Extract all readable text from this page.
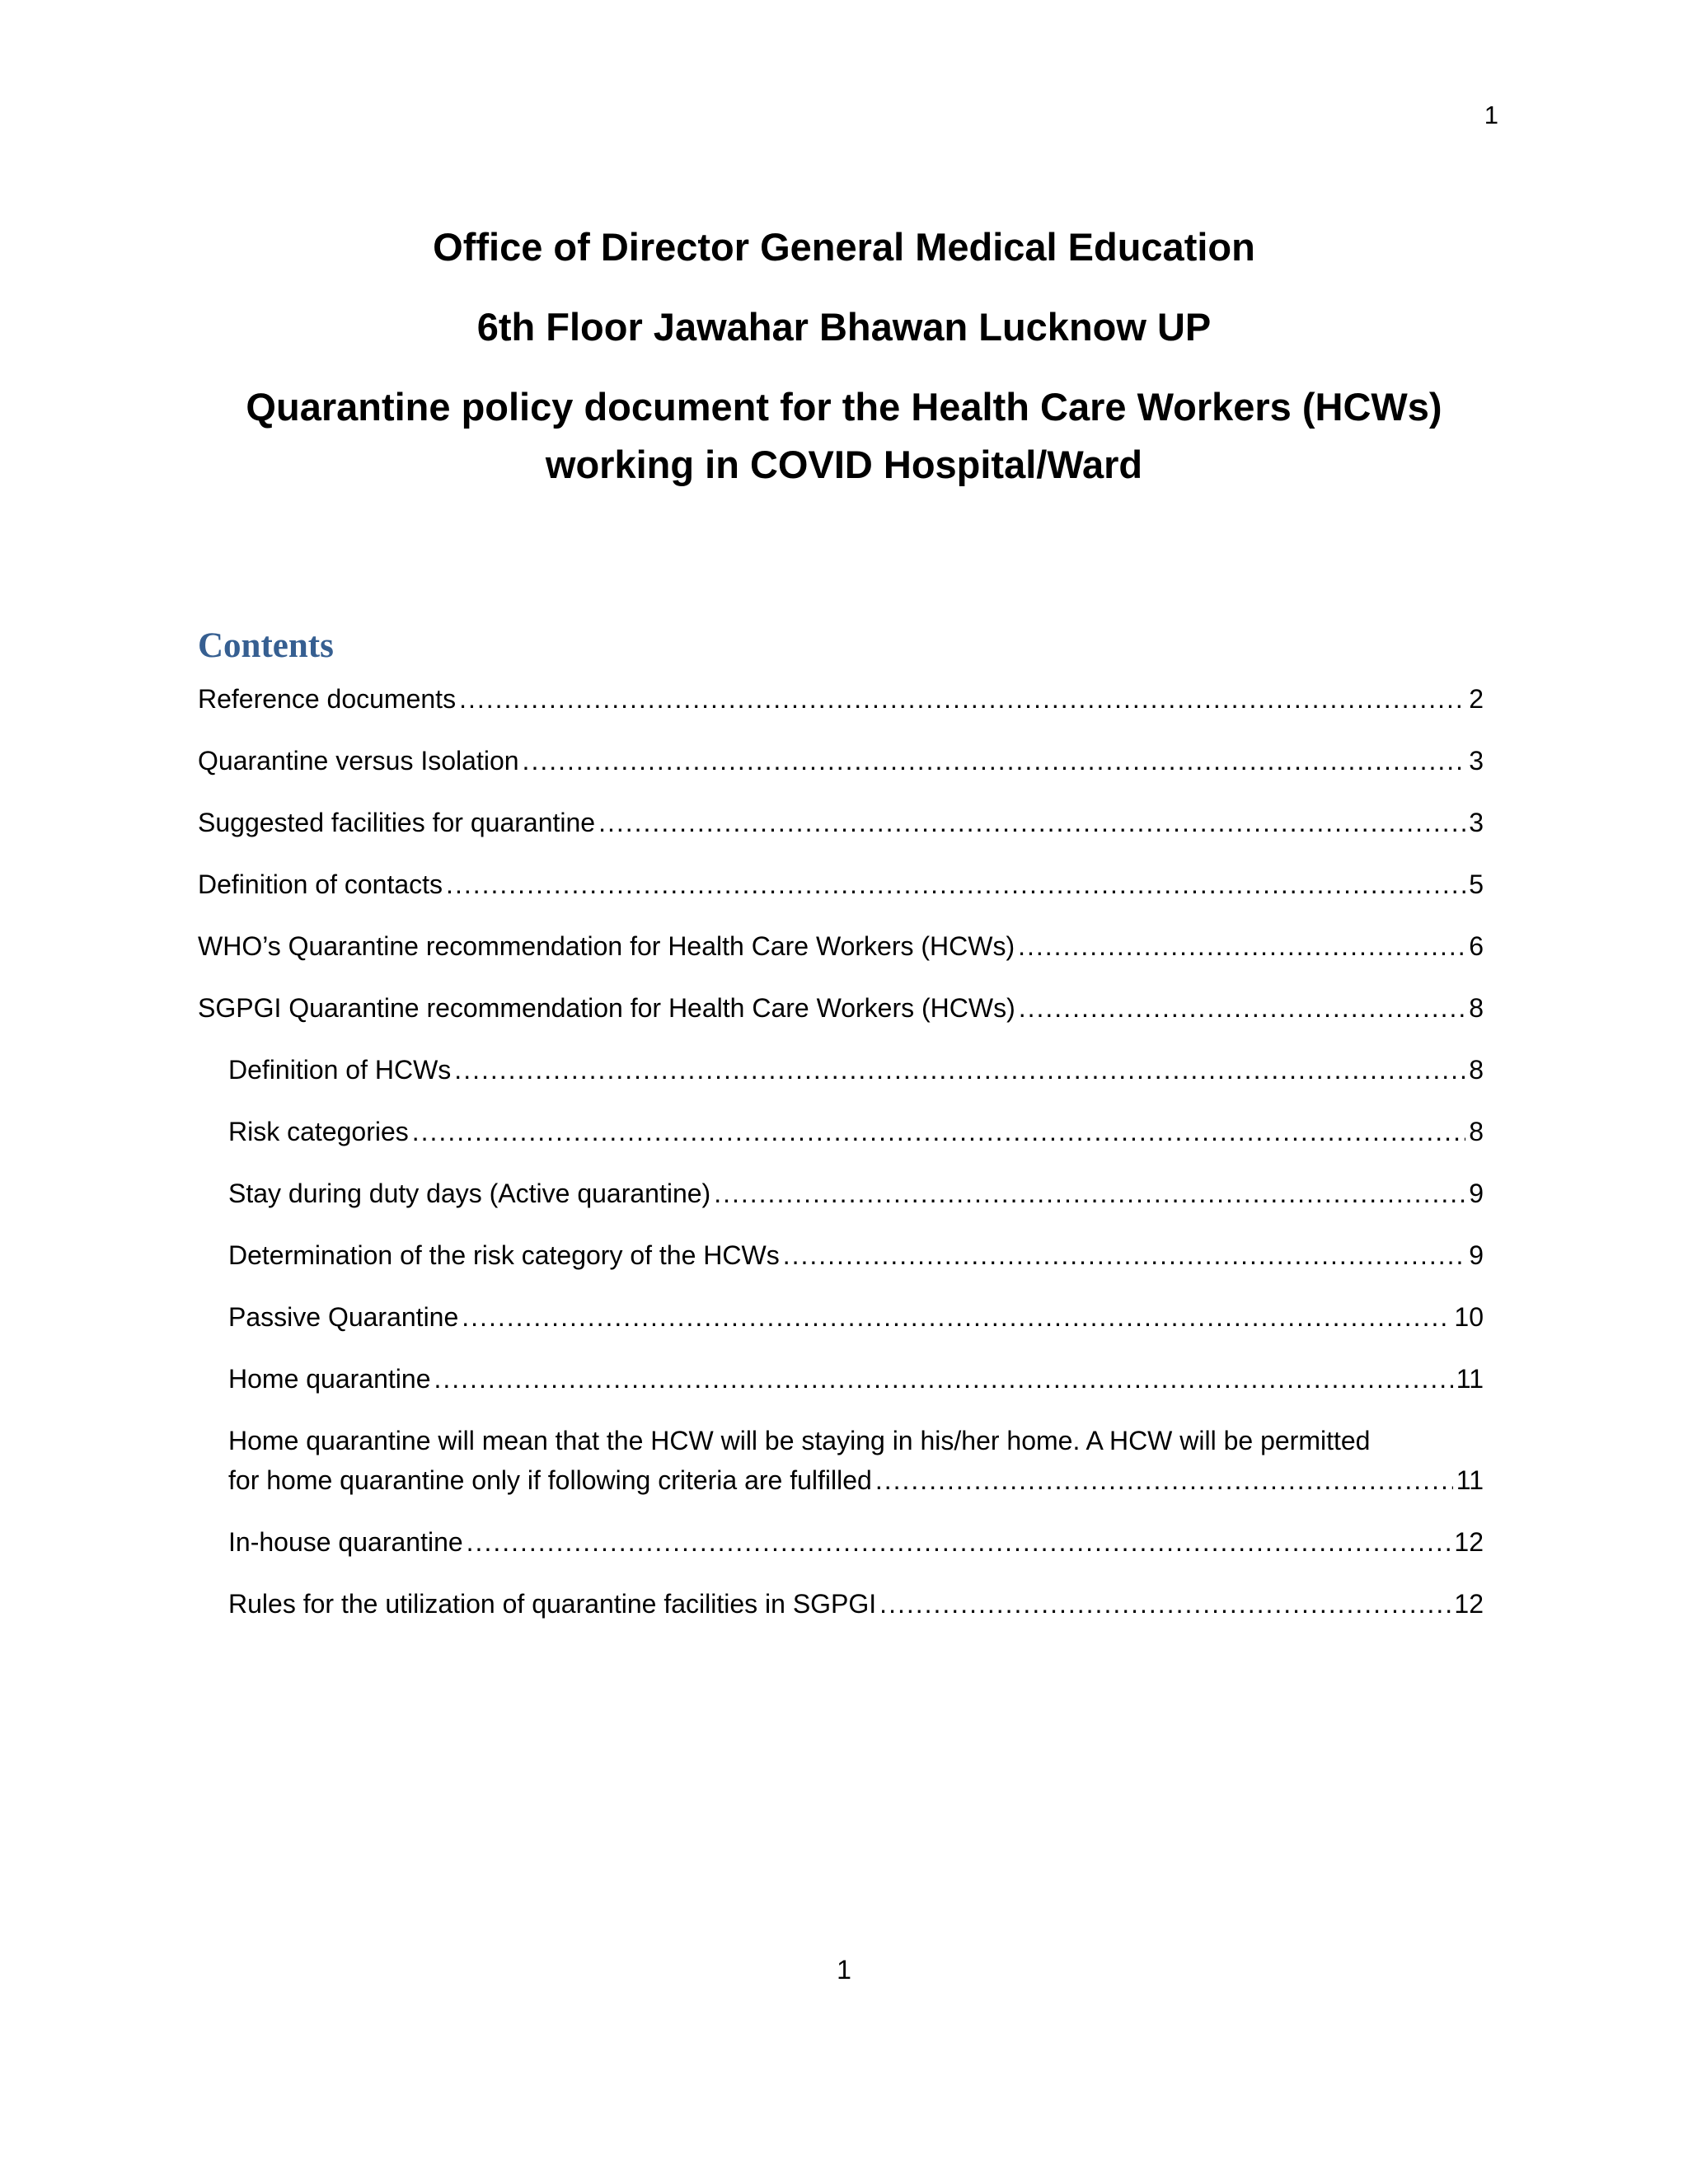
1

Office of Director General Medical Education

6th Floor Jawahar Bhawan Lucknow UP

Quarantine policy document for the Health Care Workers (HCWs)

working in COVID Hospital/Ward

Contents
Reference documents .....	2
Quarantine versus Isolation .....	3
Suggested facilities for quarantine .....	3
Definition of contacts .....	5
WHO’s Quarantine recommendation for Health Care Workers (HCWs) .....	6
SGPGI Quarantine recommendation for Health Care Workers (HCWs) .....	8
Definition of HCWs .....	8
Risk categories .....	8
Stay during duty days (Active quarantine) .....	9
Determination of the risk category of the HCWs .....	9
Passive Quarantine .....	10
Home quarantine .....	11
Home quarantine will mean that the HCW will be staying in his/her home. A HCW will be permitted
for home quarantine only if following criteria are fulfilled .....	11
In-house quarantine .....	12
Rules for the utilization of quarantine facilities in SGPGI .....	12
1
